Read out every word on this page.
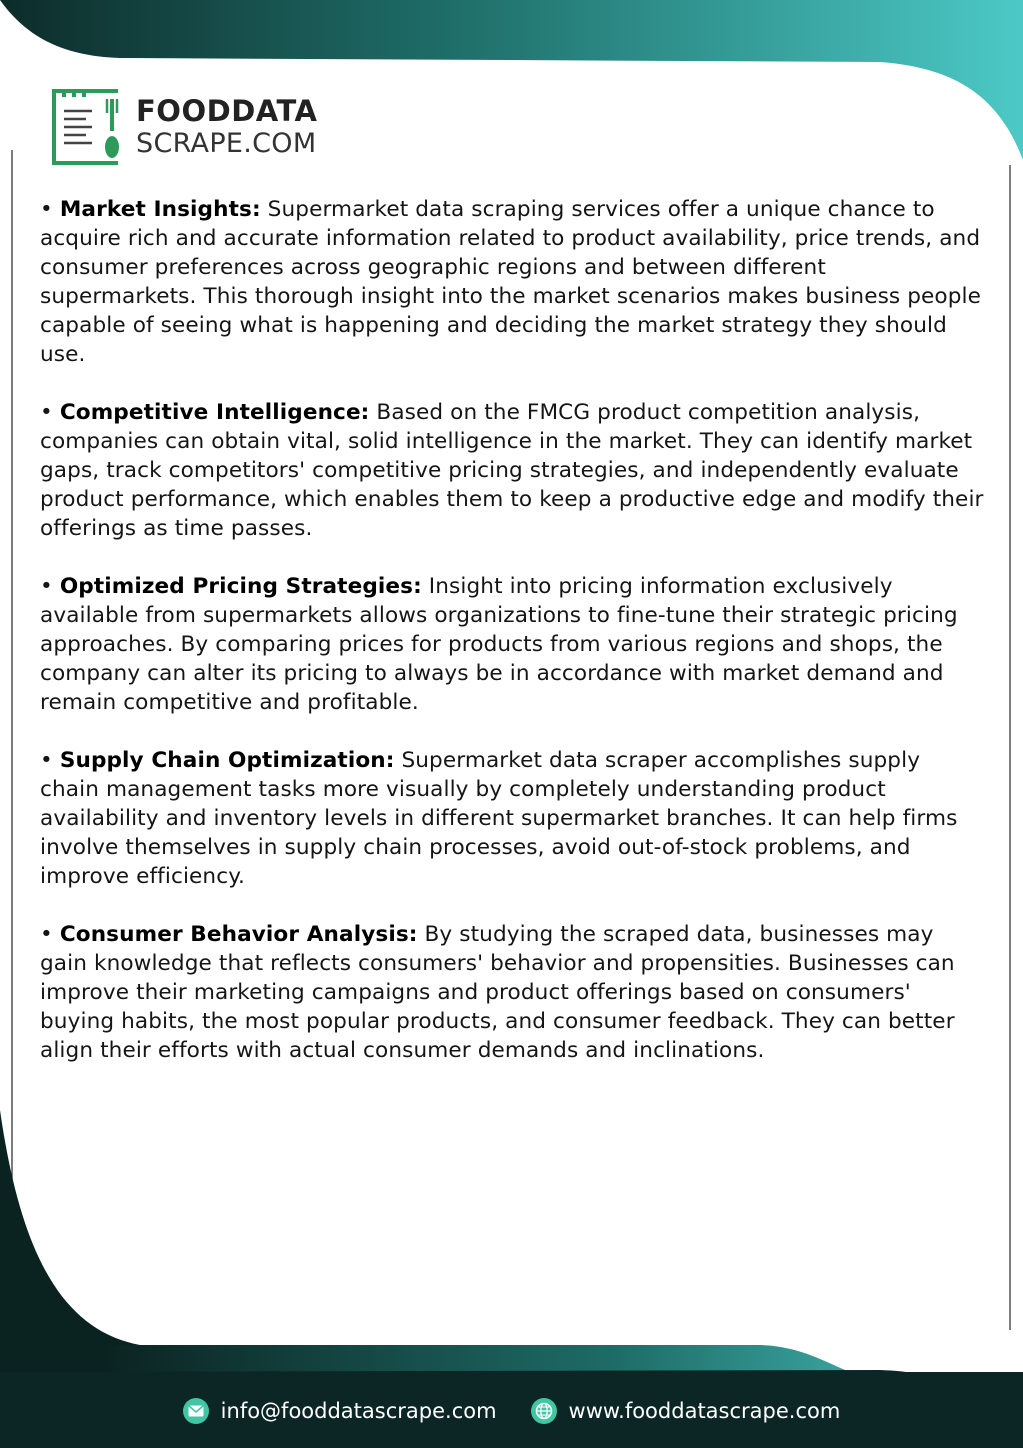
FOODDATA
SCRAPE.COM

• Market Insights: Supermarket data scraping services offer a unique chance to acquire rich and accurate information related to product availability, price trends, and consumer preferences across geographic regions and between different supermarkets. This thorough insight into the market scenarios makes business people capable of seeing what is happening and deciding the market strategy they should use.

• Competitive Intelligence: Based on the FMCG product competition analysis, companies can obtain vital, solid intelligence in the market. They can identify market gaps, track competitors' competitive pricing strategies, and independently evaluate product performance, which enables them to keep a productive edge and modify their offerings as time passes.

• Optimized Pricing Strategies: Insight into pricing information exclusively available from supermarkets allows organizations to fine-tune their strategic pricing approaches. By comparing prices for products from various regions and shops, the company can alter its pricing to always be in accordance with market demand and remain competitive and profitable.

• Supply Chain Optimization: Supermarket data scraper accomplishes supply chain management tasks more visually by completely understanding product availability and inventory levels in different supermarket branches. It can help firms involve themselves in supply chain processes, avoid out-of-stock problems, and improve efficiency.

• Consumer Behavior Analysis: By studying the scraped data, businesses may gain knowledge that reflects consumers' behavior and propensities. Businesses can improve their marketing campaigns and product offerings based on consumers' buying habits, the most popular products, and consumer feedback. They can better align their efforts with actual consumer demands and inclinations.

info@fooddatascrape.com	www.fooddatascrape.com
